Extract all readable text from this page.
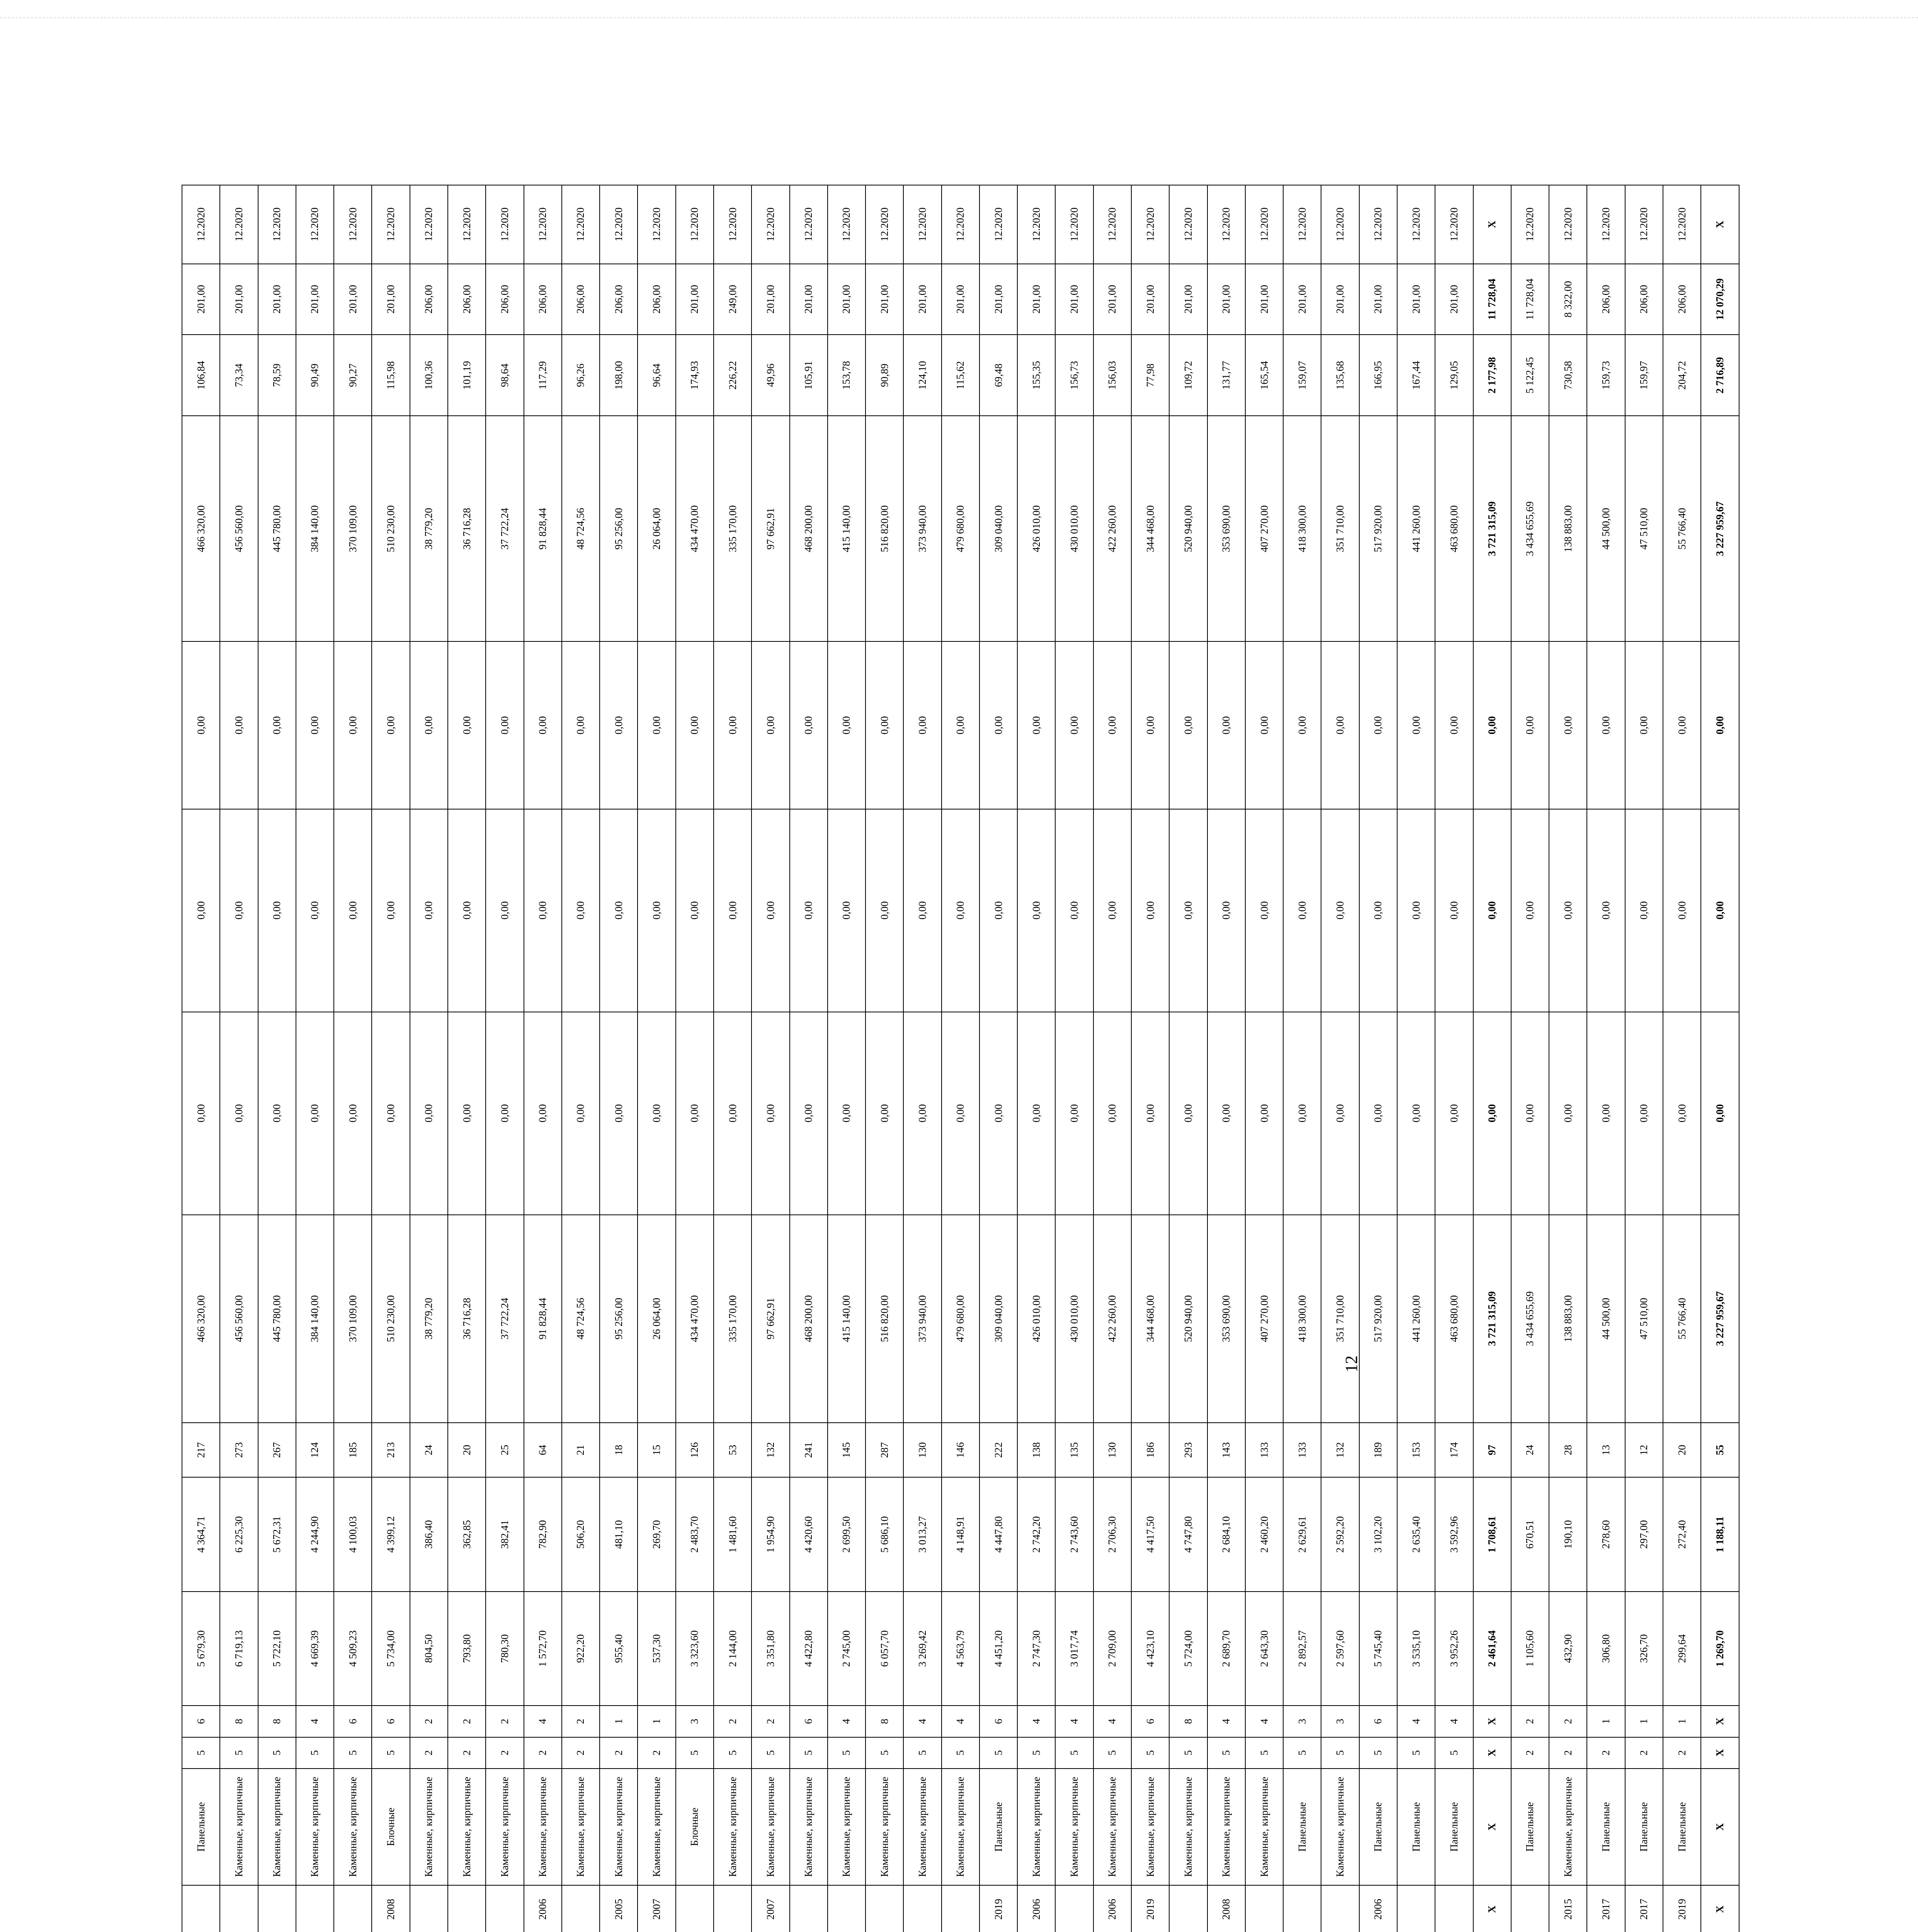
				Панельные	5	6	5 679,30	4 364,71	217	466 320,00	0,00	0,00	0,00	466 320,00	106,84	201,00	12.2020
				Каменные, кирпичные	5	8	6 719,13	6 225,30	273	456 560,00	0,00	0,00	0,00	456 560,00	73,34	201,00	12.2020
				Каменные, кирпичные	5	8	5 722,10	5 672,31	267	445 780,00	0,00	0,00	0,00	445 780,00	78,59	201,00	12.2020
				Каменные, кирпичные	5	4	4 669,39	4 244,90	124	384 140,00	0,00	0,00	0,00	384 140,00	90,49	201,00	12.2020
				Каменные, кирпичные	5	6	4 509,23	4 100,03	185	370 109,00	0,00	0,00	0,00	370 109,00	90,27	201,00	12.2020
			2008	Блочные	5	6	5 734,00	4 399,12	213	510 230,00	0,00	0,00	0,00	510 230,00	115,98	201,00	12.2020
				Каменные, кирпичные	2	2	804,50	386,40	24	38 779,20	0,00	0,00	0,00	38 779,20	100,36	206,00	12.2020
				Каменные, кирпичные	2	2	793,80	362,85	20	36 716,28	0,00	0,00	0,00	36 716,28	101,19	206,00	12.2020
				Каменные, кирпичные	2	2	780,30	382,41	25	37 722,24	0,00	0,00	0,00	37 722,24	98,64	206,00	12.2020
			2006	Каменные, кирпичные	2	4	1 572,70	782,90	64	91 828,44	0,00	0,00	0,00	91 828,44	117,29	206,00	12.2020
				Каменные, кирпичные	2	2	922,20	506,20	21	48 724,56	0,00	0,00	0,00	48 724,56	96,26	206,00	12.2020
			2005	Каменные, кирпичные	2	1	955,40	481,10	18	95 256,00	0,00	0,00	0,00	95 256,00	198,00	206,00	12.2020
			2007	Каменные, кирпичные	2	1	537,30	269,70	15	26 064,00	0,00	0,00	0,00	26 064,00	96,64	206,00	12.2020
				Блочные	5	3	3 323,60	2 483,70	126	434 470,00	0,00	0,00	0,00	434 470,00	174,93	201,00	12.2020
				Каменные, кирпичные	5	2	2 144,00	1 481,60	53	335 170,00	0,00	0,00	0,00	335 170,00	226,22	249,00	12.2020
			2007	Каменные, кирпичные	5	2	3 351,80	1 954,90	132	97 662,91	0,00	0,00	0,00	97 662,91	49,96	201,00	12.2020
				Каменные, кирпичные	5	6	4 422,80	4 420,60	241	468 200,00	0,00	0,00	0,00	468 200,00	105,91	201,00	12.2020
				Каменные, кирпичные	5	4	2 745,00	2 699,50	145	415 140,00	0,00	0,00	0,00	415 140,00	153,78	201,00	12.2020
				Каменные, кирпичные	5	8	6 057,70	5 686,10	287	516 820,00	0,00	0,00	0,00	516 820,00	90,89	201,00	12.2020
				Каменные, кирпичные	5	4	3 269,42	3 013,27	130	373 940,00	0,00	0,00	0,00	373 940,00	124,10	201,00	12.2020
				Каменные, кирпичные	5	4	4 563,79	4 148,91	146	479 680,00	0,00	0,00	0,00	479 680,00	115,62	201,00	12.2020
			2019	Панельные	5	6	4 451,20	4 447,80	222	309 040,00	0,00	0,00	0,00	309 040,00	69,48	201,00	12.2020
			2006	Каменные, кирпичные	5	4	2 747,30	2 742,20	138	426 010,00	0,00	0,00	0,00	426 010,00	155,35	201,00	12.2020
				Каменные, кирпичные	5	4	3 017,74	2 743,60	135	430 010,00	0,00	0,00	0,00	430 010,00	156,73	201,00	12.2020
			2006	Каменные, кирпичные	5	4	2 709,00	2 706,30	130	422 260,00	0,00	0,00	0,00	422 260,00	156,03	201,00	12.2020
			2019	Каменные, кирпичные	5	6	4 423,10	4 417,50	186	344 468,00	0,00	0,00	0,00	344 468,00	77,98	201,00	12.2020
				Каменные, кирпичные	5	8	5 724,00	4 747,80	293	520 940,00	0,00	0,00	0,00	520 940,00	109,72	201,00	12.2020
			2008	Каменные, кирпичные	5	4	2 689,70	2 684,10	143	353 690,00	0,00	0,00	0,00	353 690,00	131,77	201,00	12.2020
				Каменные, кирпичные	5	4	2 643,30	2 460,20	133	407 270,00	0,00	0,00	0,00	407 270,00	165,54	201,00	12.2020
				Панельные	5	3	2 892,57	2 629,61	133	418 300,00	0,00	0,00	0,00	418 300,00	159,07	201,00	12.2020
				Каменные, кирпичные	5	3	2 597,60	2 592,20	132	351 710,00	0,00	0,00	0,00	351 710,00	135,68	201,00	12.2020
			2006	Панельные	5	6	5 745,40	3 102,20	189	517 920,00	0,00	0,00	0,00	517 920,00	166,95	201,00	12.2020
				Панельные	5	4	3 535,10	2 635,40	153	441 260,00	0,00	0,00	0,00	441 260,00	167,44	201,00	12.2020
				Панельные	5	4	3 952,26	3 592,96	174	463 680,00	0,00	0,00	0,00	463 680,00	129,05	201,00	12.2020
		X	X	X	X	2 461,64	1 708,61	97	3 721 315,09	0,00	0,00	0,00	3 721 315,09	2 177,98	11 728,04	X
				Панельные	2	2	1 105,60	670,51	24	3 434 655,69	0,00	0,00	0,00	3 434 655,69	5 122,45	11 728,04	12.2020
			2015	Каменные, кирпичные	2	2	432,90	190,10	28	138 883,00	0,00	0,00	0,00	138 883,00	730,58	8 322,00	12.2020
			2017	Панельные	2	1	306,80	278,60	13	44 500,00	0,00	0,00	0,00	44 500,00	159,73	206,00	12.2020
			2017	Панельные	2	1	326,70	297,00	12	47 510,00	0,00	0,00	0,00	47 510,00	159,97	206,00	12.2020
			2019	Панельные	2	1	299,64	272,40	20	55 766,40	0,00	0,00	0,00	55 766,40	204,72	206,00	12.2020
		X	X	X	X	1 269,70	1 188,11	55	3 227 959,67	0,00	0,00	0,00	3 227 959,67	2 716,89	12 070,29	X
12
